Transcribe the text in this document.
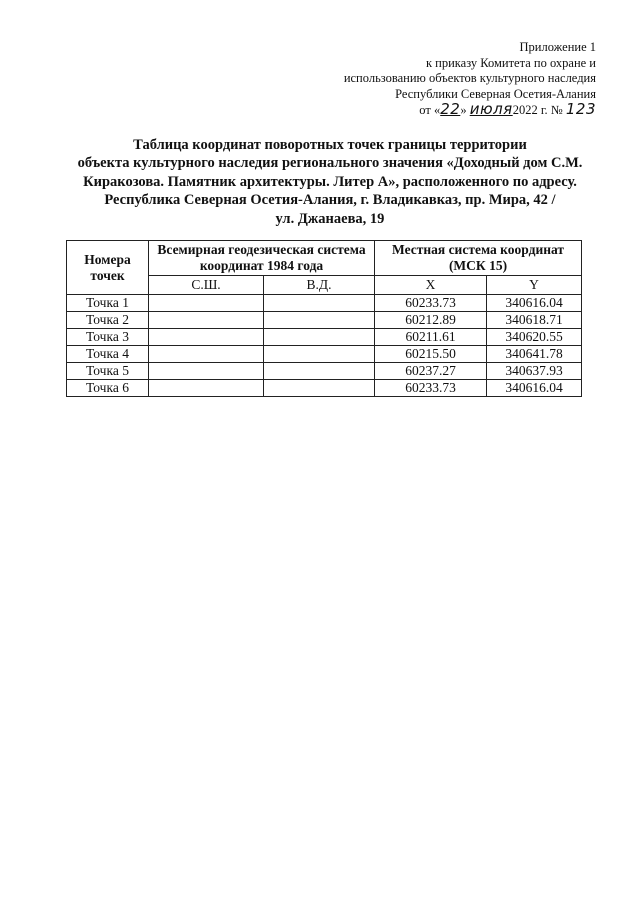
Приложение 1
к приказу Комитета по охране и
использованию объектов культурного наследия
Республики Северная Осетия-Алания
от «22» июля2022 г. № 123
Таблица координат поворотных точек границы территории
объекта культурного наследия регионального значения «Доходный дом С.М.
Киракозова. Памятник архитектуры. Литер А», расположенного по адресу.
Республика Северная Осетия-Алания, г. Владикавказ, пр. Мира, 42 /
ул. Джанаева, 19
Номера точек	Всемирная геодезическая система координат 1984 года		Местная система координат (МСК 15)	
	С.Ш.	В.Д.	X	Y
Точка 1			60233.73	340616.04
Точка 2			60212.89	340618.71
Точка 3			60211.61	340620.55
Точка 4			60215.50	340641.78
Точка 5			60237.27	340637.93
Точка 6			60233.73	340616.04
